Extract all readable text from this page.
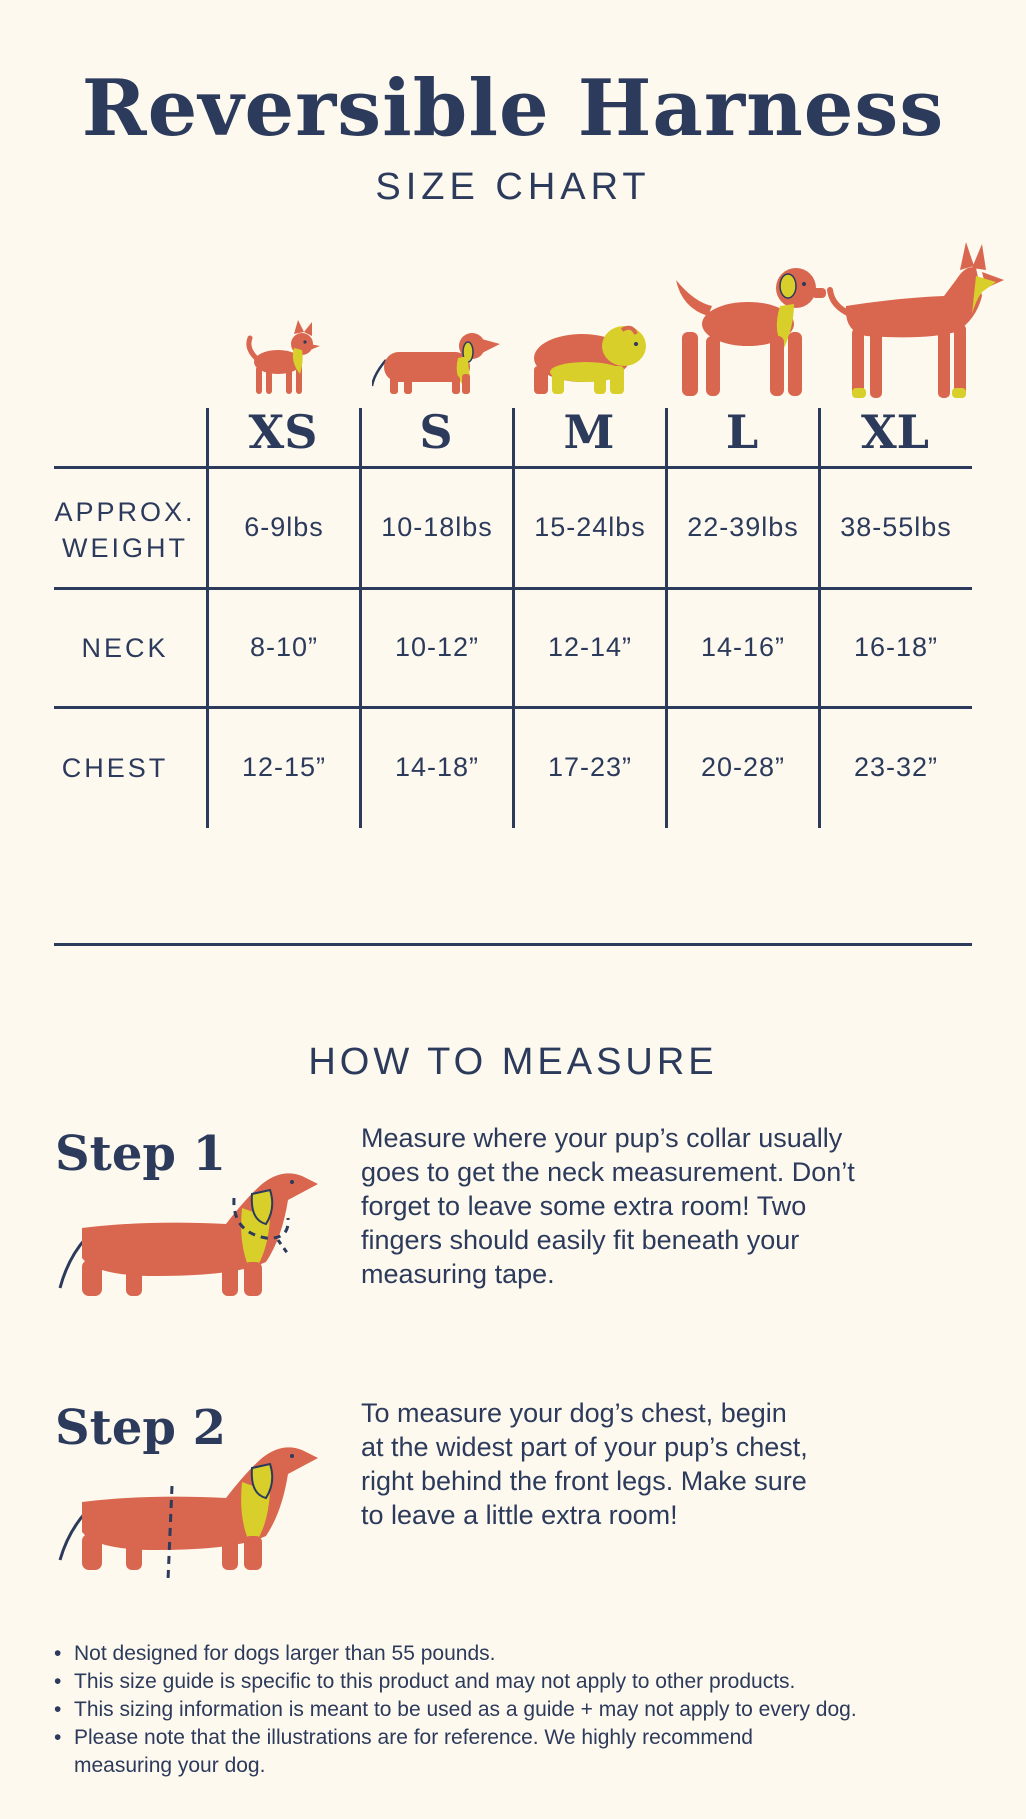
Reversible Harness
SIZE CHART
XS	S	M	L	XL
APPROX.
WEIGHT
6-9lbs	10-18lbs	15-24lbs	22-39lbs	38-55lbs
NECK	8-10”	10-12”	12-14”	14-16”	16-18”
CHEST	12-15”	14-18”	17-23”	20-28”	23-32”
HOW TO MEASURE
Step 1	Measure where your pup’s collar usually
goes to get the neck measurement. Don’t
forget to leave some extra room! Two
fingers should easily fit beneath your
measuring tape.
Step 2	To measure your dog’s chest, begin
at the widest part of your pup’s chest,
right behind the front legs. Make sure
to leave a little extra room!
• Not designed for dogs larger than 55 pounds.
• This size guide is specific to this product and may not apply to other products.
• This sizing information is meant to be used as a guide + may not apply to every dog.
• Please note that the illustrations are for reference. We highly recommend
measuring your dog.
